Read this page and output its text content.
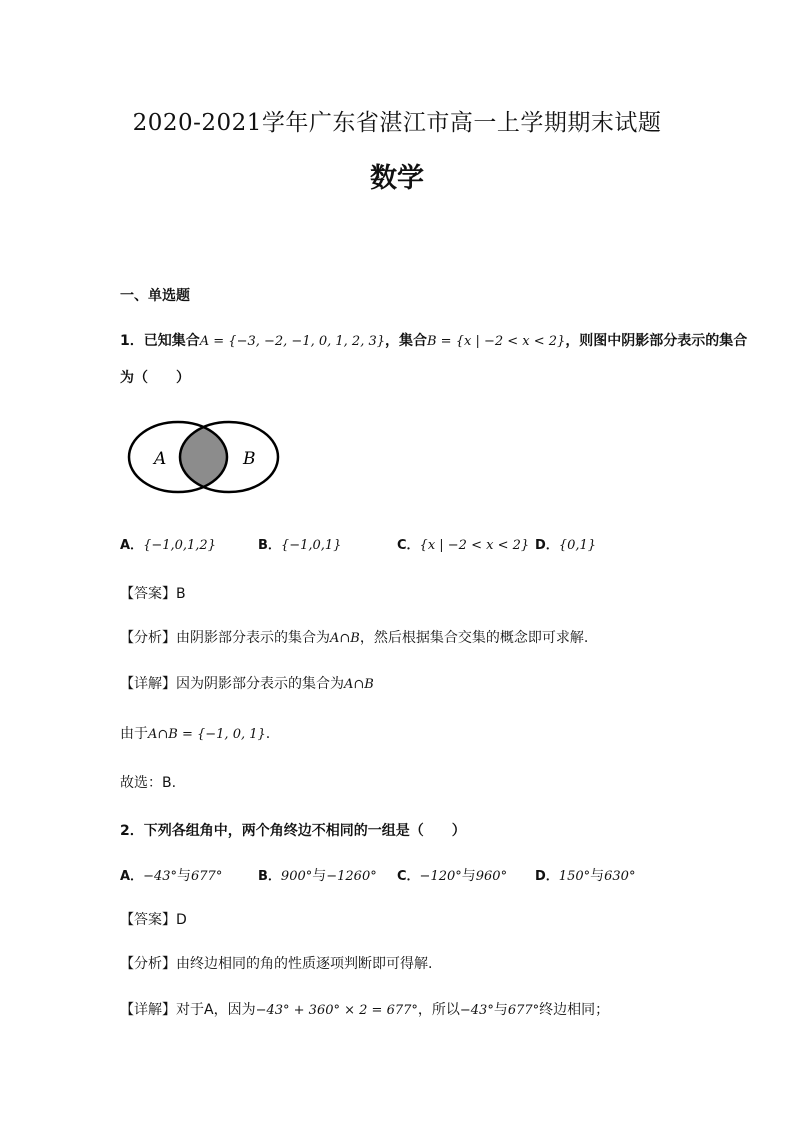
2020-2021学年广东省湛江市高一上学期期末试题
数学
一、单选题
1．已知集合A = {−3, −2, −1, 0, 1, 2, 3}，集合B = {x | −2 < x < 2}，则图中阴影部分表示的集合
为（　　）
A	B
A．{−1,0,1,2}	B．{−1,0,1}	C．{x | −2 < x < 2} D．{0,1}
【答案】B
【分析】由阴影部分表示的集合为A∩B，然后根据集合交集的概念即可求解.
【详解】因为阴影部分表示的集合为A∩B
由于A∩B = {−1, 0, 1}.
故选：B.
2．下列各组角中，两个角终边不相同的一组是（　　）
A．−43°与677°	B．900°与−1260° C．−120°与960° D．150°与630°
【答案】D
【分析】由终边相同的角的性质逐项判断即可得解.
【详解】对于A，因为−43° + 360° × 2 = 677°，所以−43°与677°终边相同；
